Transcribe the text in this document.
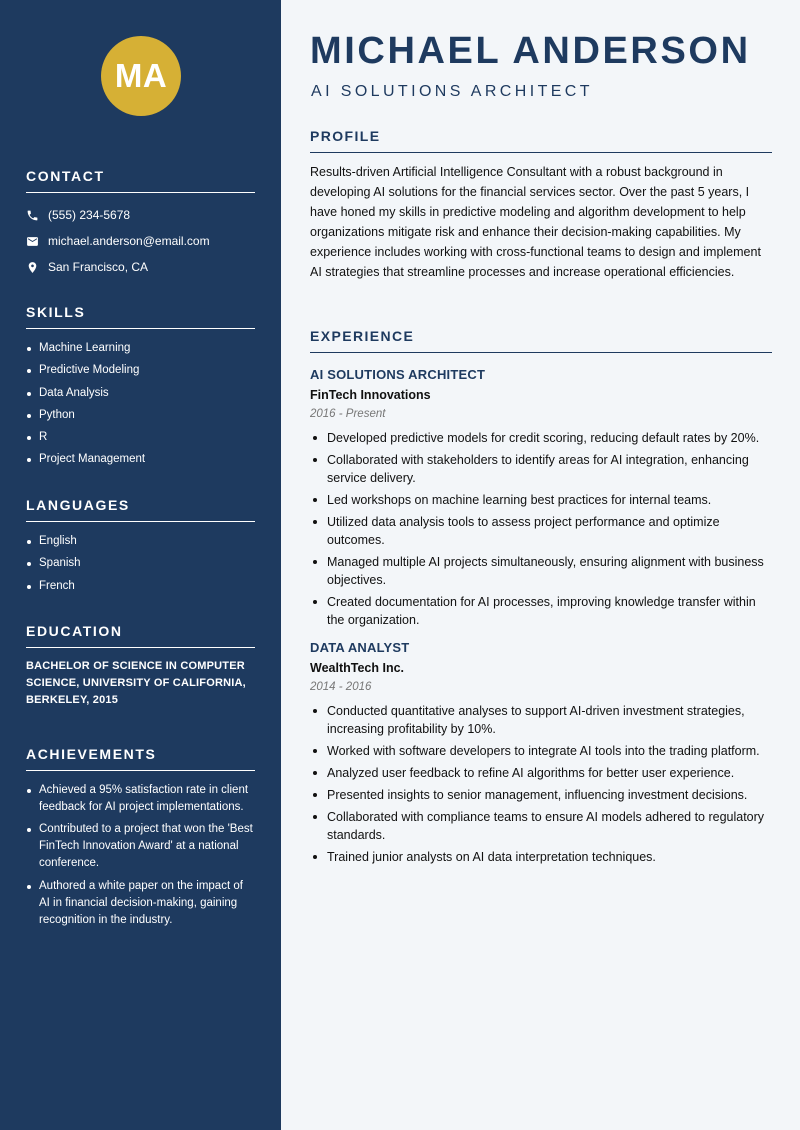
MA
CONTACT
(555) 234-5678
michael.anderson@email.com
San Francisco, CA
SKILLS
Machine Learning
Predictive Modeling
Data Analysis
Python
R
Project Management
LANGUAGES
English
Spanish
French
EDUCATION

BACHELOR OF SCIENCE IN COMPUTER SCIENCE, UNIVERSITY OF CALIFORNIA, BERKELEY, 2015

ACHIEVEMENTS
Achieved a 95% satisfaction rate in client feedback for AI project implementations.
Contributed to a project that won the 'Best FinTech Innovation Award' at a national conference.
Authored a white paper on the impact of AI in financial decision-making, gaining recognition in the industry.
MICHAEL ANDERSON
AI SOLUTIONS ARCHITECT
PROFILE

Results-driven Artificial Intelligence Consultant with a robust background in developing AI solutions for the financial services sector. Over the past 5 years, I have honed my skills in predictive modeling and algorithm development to help organizations mitigate risk and enhance their decision-making capabilities. My experience includes working with cross-functional teams to design and implement AI strategies that streamline processes and increase operational efficiencies.

EXPERIENCE
AI SOLUTIONS ARCHITECT
FinTech Innovations
2016 - Present
Developed predictive models for credit scoring, reducing default rates by 20%.
Collaborated with stakeholders to identify areas for AI integration, enhancing service delivery.
Led workshops on machine learning best practices for internal teams.
Utilized data analysis tools to assess project performance and optimize outcomes.
Managed multiple AI projects simultaneously, ensuring alignment with business objectives.
Created documentation for AI processes, improving knowledge transfer within the organization.
DATA ANALYST
WealthTech Inc.
2014 - 2016
Conducted quantitative analyses to support AI-driven investment strategies, increasing profitability by 10%.
Worked with software developers to integrate AI tools into the trading platform.
Analyzed user feedback to refine AI algorithms for better user experience.
Presented insights to senior management, influencing investment decisions.
Collaborated with compliance teams to ensure AI models adhered to regulatory standards.
Trained junior analysts on AI data interpretation techniques.
